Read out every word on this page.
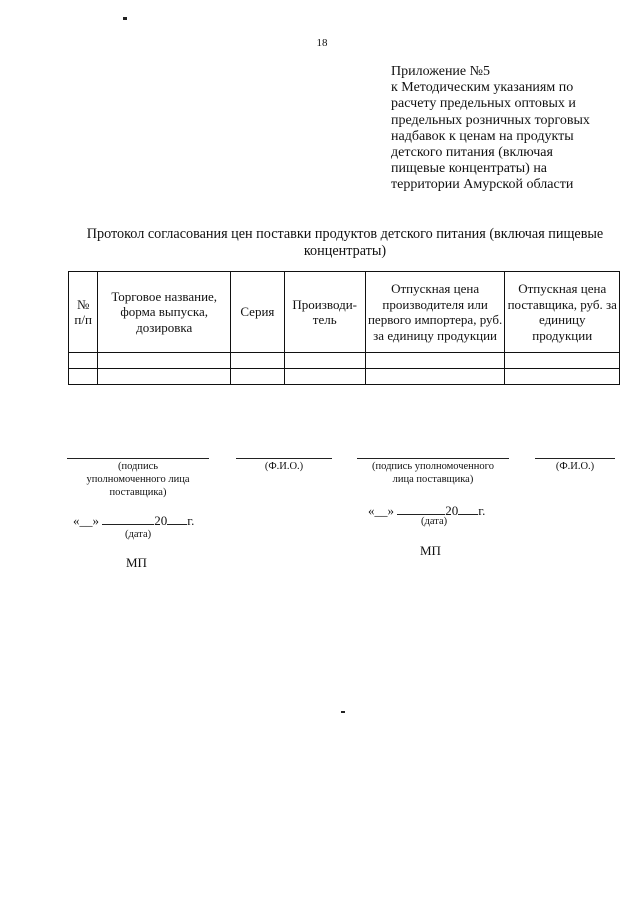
18
Приложение №5
к Методическим указаниям по
расчету предельных оптовых и
предельных розничных торговых
надбавок к ценам на продукты
детского питания (включая
пищевые концентраты) на
территории Амурской области
Протокол согласования цен поставки продуктов детского питания (включая пищевые
концентраты)
№ п/п	Торговое название, форма выпуска, дозировка	Серия	Производи-тель	Отпускная цена производителя или первого импортера, руб. за единицу продукции	Отпускная цена поставщика, руб. за единицу продукции

(подпись
уполномоченного лица
поставщика)
(Ф.И.О.)
«__»	20 г.
(дата)
МП
(подпись уполномоченного
лица поставщика)
(Ф.И.О.)
«__»	20 г.
(дата)
МП
